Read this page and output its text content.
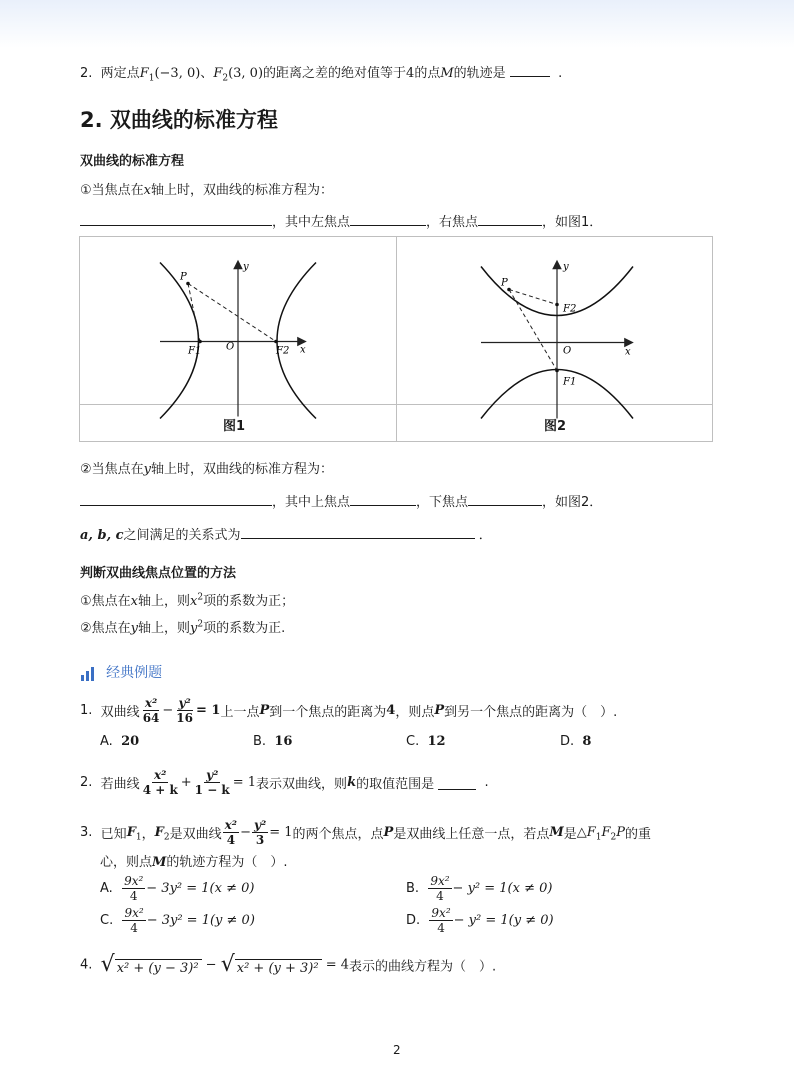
2. 两定点$F_1(-3$, 0)、$F_2(3$, 0)的距离之差的绝对值等于4的点M的轨迹是	.
2. 双曲线的标准方程
双曲线的标准方程
①当焦点在x轴上时，双曲线的标准方程为：
，其中左焦点	，右焦点	，如图1．
P
y
x
O
F1	F2
图1
P
y
x
O
F2
F1
图2
②当焦点在y轴上时，双曲线的标准方程为：
，其中上焦点	，下焦点	，如图2．
a, b, c之间满足的关系式为	．
判断双曲线焦点位置的方法
①焦点在x轴上，则$x^2$项的系数为正；
②焦点在y轴上，则$y^2$项的系数为正.
经典例题
1. 双曲线 $\frac{\text{x²}}{64} - \frac{\text{y²}}{16} = 1$上一点P到一个焦点的距离为4，则点P到另一个焦点的距离为（　）.
A. 20	B. 16	C. 12	D. 8
2. 若曲线 $\frac{\text{x²}}{4 + k} + \frac{\text{y²}}{1 - k} = 1$表示双曲线，则k的取值范围是	.
3. 已知$F_1$，$F_2$是双曲线 $\frac{\text{x²}}{4} - \frac{\text{y²}}{3} = 1$的两个焦点，点P是双曲线上任意一点，若点M是$\triangle F_1F_2P$的重
心，则点M的轨迹方程为（　）.
A. $\frac{\text{9x²}}{4} - 3y^2 = 1(x \ne 0)$	B. $\frac{\text{9x²}}{4} - y^2 = 1(x \ne 0)$
C. $\frac{\text{9x²}}{4} - 3y^2 = 1(y \ne 0)$	D. $\frac{\text{9x²}}{4} - y^2 = 1(y \ne 0)$
4. √ x² + (y − 3)² − √ x² + (y + 3)² = 4表示的曲线方程为（　）.
2
